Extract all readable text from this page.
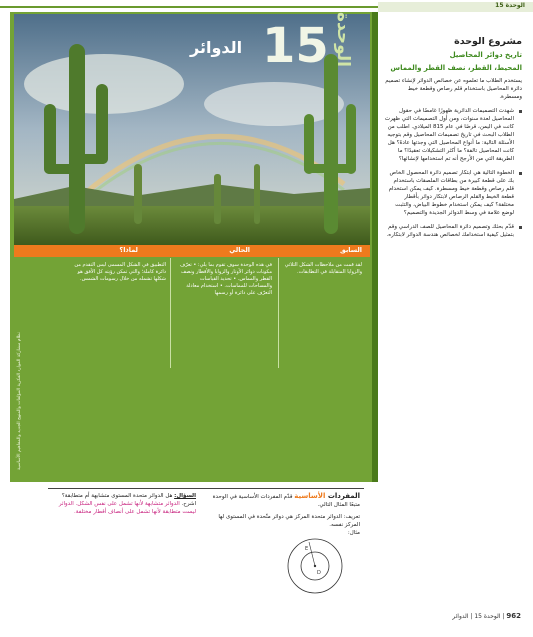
الوحدة 15
15
الدوائر	الوحدة
السابق
الحالي
لماذا؟
لقد قمت من ملاحظات الشكل الثلاثي والزوايا المتقابلة في التطابقات.
في هذه الوحدة سوف تقوم بما يلي: • تعرّف مكونات دوائر الأوتار والزوايا والأقطار ونصف القطر والمماس. • تحديد القياسات والمساحات للمماسات. • استخدام معادلة التعرّف على دائرة أو رسمها
التطبيق في الشكل المسمى ليس التقدم من دائرة كاملة؛ والتي تمكن رؤيته كل الأفق هو شكلها تشمله من خلال رسومات الشمس.
نظام مشاركة الموارد الفكرية المؤلفات والمنهج الجديد والمفاهيم الأساسية
مشروع الوحدة
تاريخ دوائر المحاصيل
المحيط، القطر، نصف القطر والمماس
يستخدم الطلاب ما تعلموه عن خصائص الدوائر لإنشاء تصميم دائرة المحاصيل باستخدام قلم رصاص وقطعة خيط ومسطرة.
شهدت التصميمات الدائرية ظهورًا غامضًا في حقول المحاصيل لعدة سنوات، ومن أول التصميمات التي ظهرت كانت في اليمن، قرصًا في عام 815 الميلادي. اطلب من الطلاب البحث في تاريخ تصميمات المحاصيل وقم بتوجيه الأسئلة التالية: ما أنواع المحاصيل التي وجدتها عادةً؟ هل كانت المحاصيل تالفة؟ ما أكثر التشكيلات تعقيدًا؟ ما الطريقة التي من الأرجح أنه تم استخدامها لإنشائها؟
الخطوة التالية هي ابتكار تصميم دائرة المحصول الخاص بك على قطعة كبيرة من بطاقات الملصقات باستخدام قلم رصاص وقطعة خيط ومسطرة. كيف يمكن استخدام قطعة الخيط والقلم الرصاص لابتكار دوائر بأقطار مختلفة؟ كيف يمكن استخدام خطوط البياض، والتثبت لوضع علامة في وسط الدوائر الجديدة والتصميم؟
قدّم بحثك وتصميم دائرة المحاصيل للصف الدراسي وقم بتمثيل كيفية استخدامك لخصائص هندسة الدوائر لابتكاره.
السؤال: هل الدوائر متحدة المستوى متشابهة أم متطابقة؟ اشرح. الدوائر متشابهة لأنها تشمل على نفس الشكل. الدوائر ليست متطابقة لأنها تشمل على أنصاف أقطار مختلفة.
المفردات الأساسية قدّم المفردات الأساسية في الوحدة متبعًا المثال التالي.
تعريف: الدوائر متحدة المركز هي دوائر متّحدة في المستوى لها المركز نفسه.
مثال:
E
D
962 | الوحدة 15 | الدوائر
